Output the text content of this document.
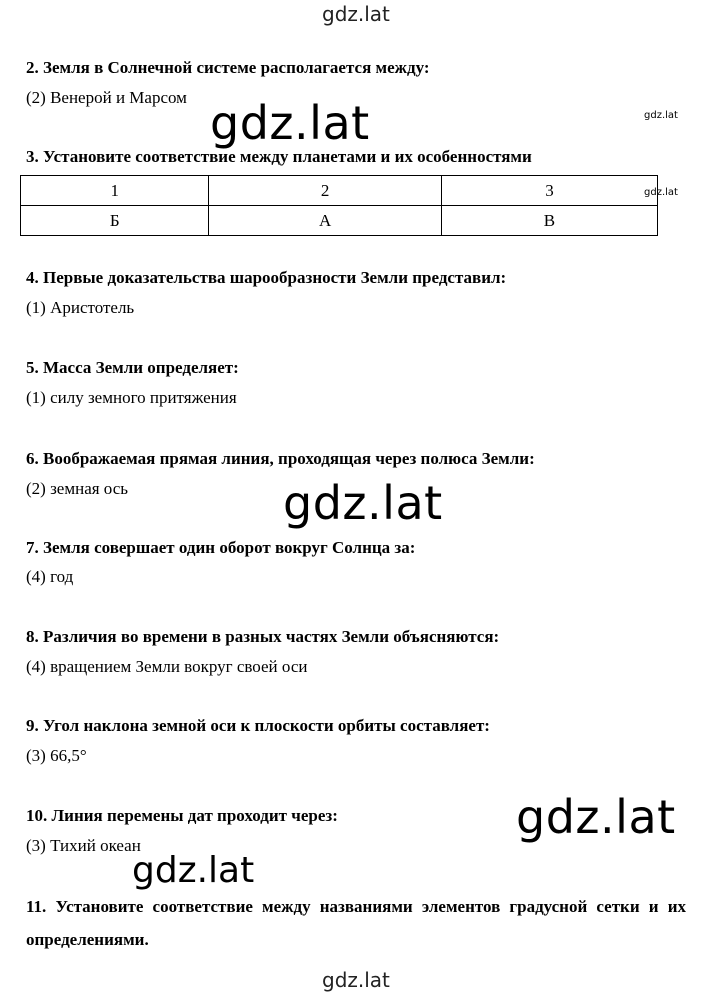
gdz.lat
2. Земля в Солнечной системе располагается между:
(2) Венерой и Марсом gdz.lat	gdz.lat
3. Установите соответствие между планетами и их особенностями
1	2	3
Б	А	В
gdz.lat
4. Первые доказательства шарообразности Земли представил:
(1) Аристотель
5. Масса Земли определяет:
(1) силу земного притяжения
6. Воображаемая прямая линия, проходящая через полюса Земли:
(2) земная ось	gdz.lat
7. Земля совершает один оборот вокруг Солнца за:
(4) год
8. Различия во времени в разных частях Земли объясняются:
(4) вращением Земли вокруг своей оси
9. Угол наклона земной оси к плоскости орбиты составляет:
(3) 66,5°
10. Линия перемены дат проходит через:
(3) Тихий океан
gdz.lat
gdz.lat
11. Установите соответствие между названиями элементов градусной сетки и их определениями.
gdz.lat
